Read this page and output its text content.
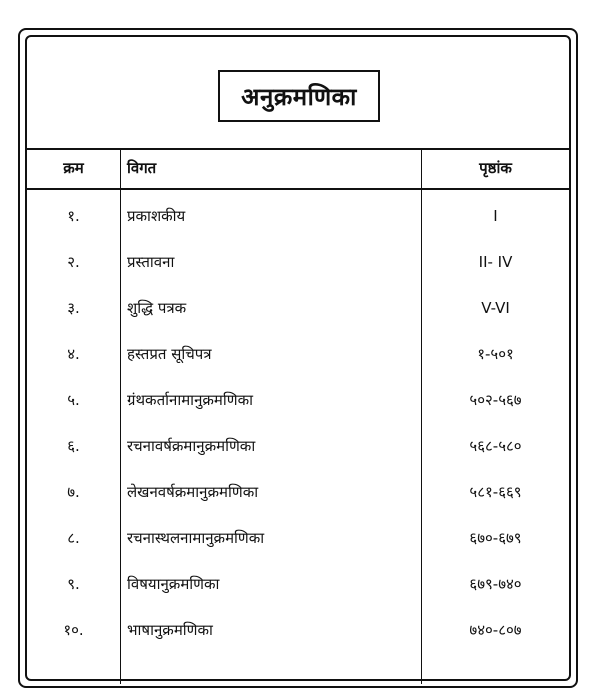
अनुक्रमणिका
क्रम	विगत	पृष्ठांक
१.	प्रकाशकीय	I
२.	प्रस्तावना	II- IV
३.	शुद्धि पत्रक	V-VI
४.	हस्तप्रत सूचिपत्र	१-५०१
५.	ग्रंथकर्तानामानुक्रमणिका	५०२-५६७
६.	रचनावर्षक्रमानुक्रमणिका	५६८-५८०
७.	लेखनवर्षक्रमानुक्रमणिका	५८१-६६९
८.	रचनास्थलनामानुक्रमणिका	६७०-६७९
९.	विषयानुक्रमणिका	६७९-७४०
१०.	भाषानुक्रमणिका	७४०-८०७
